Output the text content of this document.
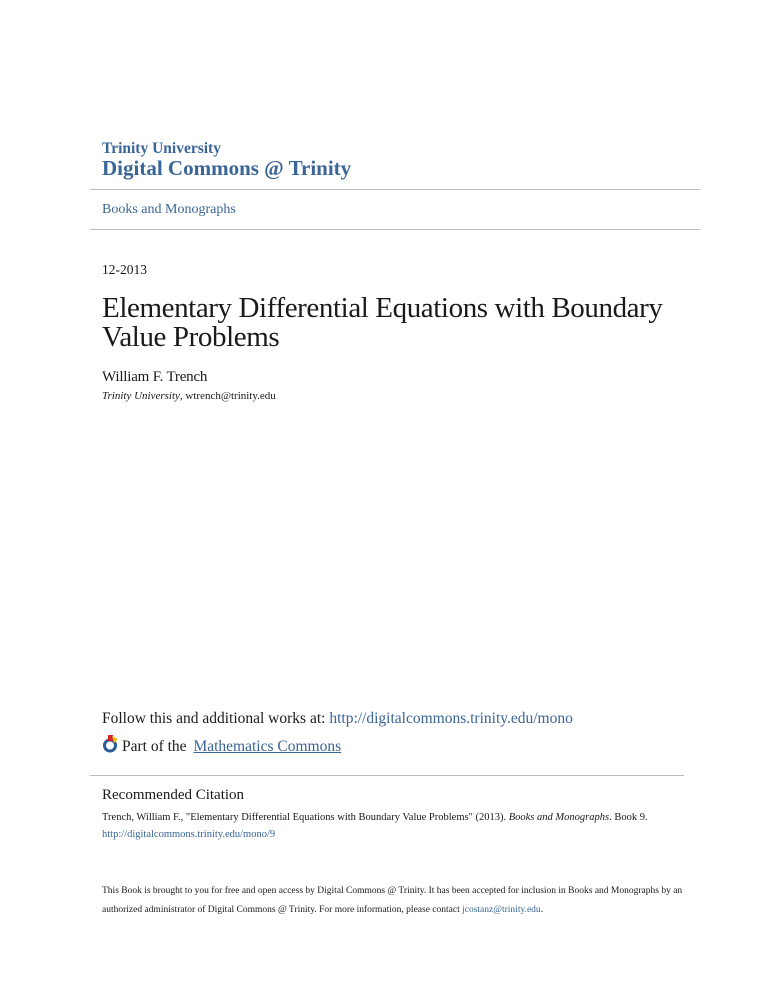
Trinity University
Digital Commons @ Trinity
Books and Monographs
12-2013
Elementary Differential Equations with Boundary Value Problems
William F. Trench
Trinity University, wtrench@trinity.edu
Follow this and additional works at: http://digitalcommons.trinity.edu/mono
Part of the Mathematics Commons
Recommended Citation
Trench, William F., "Elementary Differential Equations with Boundary Value Problems" (2013). Books and Monographs. Book 9.
http://digitalcommons.trinity.edu/mono/9
This Book is brought to you for free and open access by Digital Commons @ Trinity. It has been accepted for inclusion in Books and Monographs by an authorized administrator of Digital Commons @ Trinity. For more information, please contact jcostanz@trinity.edu.
